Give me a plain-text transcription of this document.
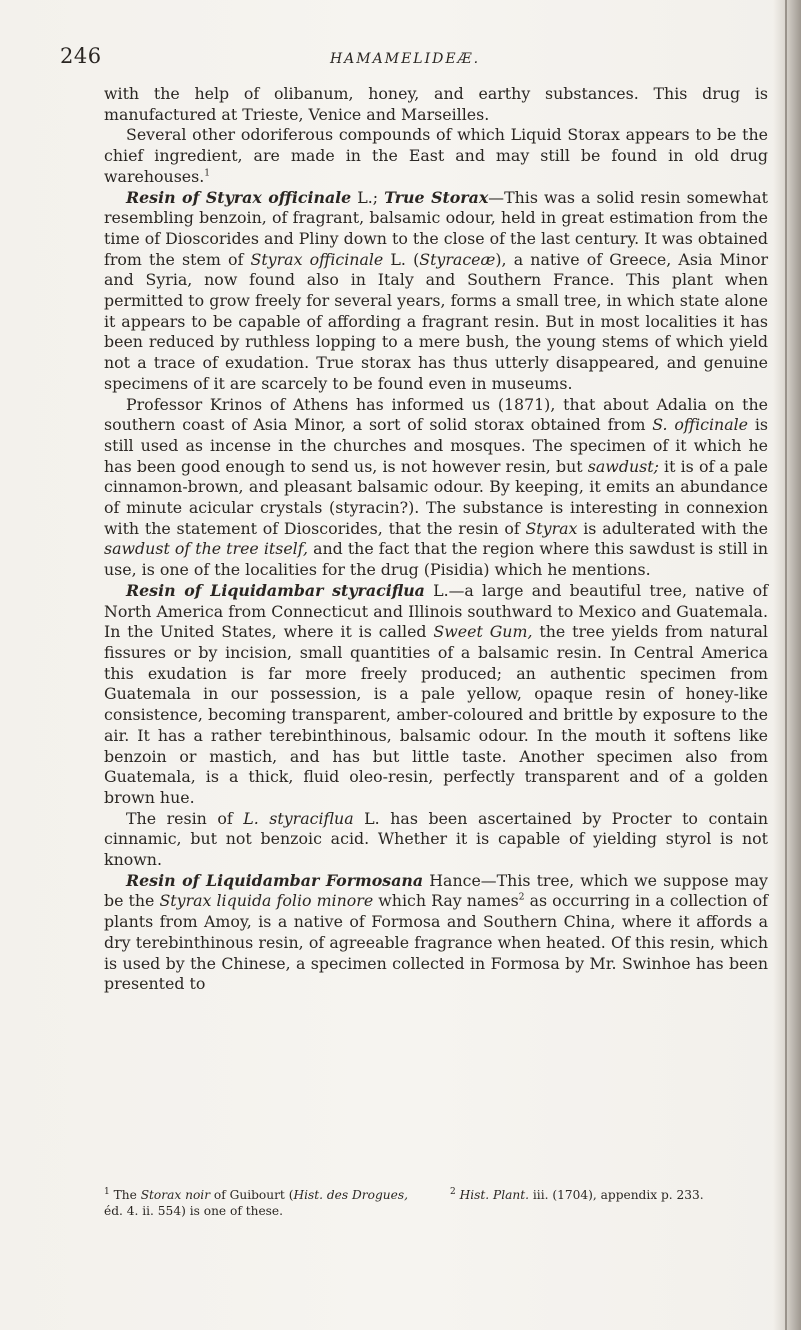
246	HAMAMELIDEÆ.

with the help of olibanum, honey, and earthy substances. This drug is manufactured at Trieste, Venice and Marseilles.

Several other odoriferous compounds of which Liquid Storax appears to be the chief ingredient, are made in the East and may still be found in old drug warehouses.$^1$

Resin of Styrax officinale L.; True Storax—This was a solid resin somewhat resembling benzoin, of fragrant, balsamic odour, held in great estimation from the time of Dioscorides and Pliny down to the close of the last century. It was obtained from the stem of Styrax officinale L. (Styraceæ), a native of Greece, Asia Minor and Syria, now found also in Italy and Southern France. This plant when permitted to grow freely for several years, forms a small tree, in which state alone it appears to be capable of affording a fragrant resin. But in most localities it has been reduced by ruthless lopping to a mere bush, the young stems of which yield not a trace of exudation. True storax has thus utterly disappeared, and genuine specimens of it are scarcely to be found even in museums.

Professor Krinos of Athens has informed us (1871), that about Adalia on the southern coast of Asia Minor, a sort of solid storax obtained from S. officinale is still used as incense in the churches and mosques. The specimen of it which he has been good enough to send us, is not however resin, but sawdust; it is of a pale cinnamon-brown, and pleasant balsamic odour. By keeping, it emits an abundance of minute acicular crystals (styracin?). The substance is interesting in connexion with the statement of Dioscorides, that the resin of Styrax is adulterated with the sawdust of the tree itself, and the fact that the region where this sawdust is still in use, is one of the localities for the drug (Pisidia) which he mentions.

Resin of Liquidambar styraciflua L.—a large and beautiful tree, native of North America from Connecticut and Illinois southward to Mexico and Guatemala. In the United States, where it is called Sweet Gum, the tree yields from natural fissures or by incision, small quantities of a balsamic resin. In Central America this exudation is far more freely produced; an authentic specimen from Guatemala in our possession, is a pale yellow, opaque resin of honey-like consistence, becoming transparent, amber-coloured and brittle by exposure to the air. It has a rather terebinthinous, balsamic odour. In the mouth it softens like benzoin or mastich, and has but little taste. Another specimen also from Guatemala, is a thick, fluid oleo-resin, perfectly transparent and of a golden brown hue.

The resin of L. styraciflua L. has been ascertained by Procter to contain cinnamic, but not benzoic acid. Whether it is capable of yielding styrol is not known.

Resin of Liquidambar Formosana Hance—This tree, which we suppose may be the Styrax liquida folio minore which Ray names$^2$ as occurring in a collection of plants from Amoy, is a native of Formosa and Southern China, where it affords a dry terebinthinous resin, of agreeable fragrance when heated. Of this resin, which is used by the Chinese, a specimen collected in Formosa by Mr. Swinhoe has been presented to

$^1$ The Storax noir of Guibourt (Hist. des Drogues, éd. 4. ii. 554) is one of these.
$^2$ Hist. Plant. iii. (1704), appendix p. 233.
